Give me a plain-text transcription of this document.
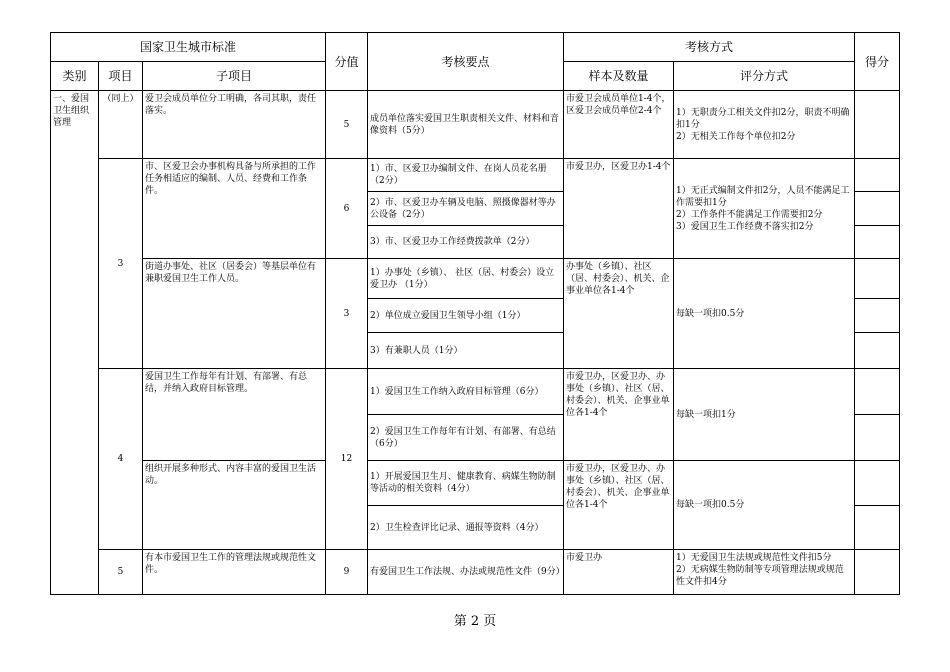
国家卫生城市标准			分值	考核要点	考核方式		得分
类别	项目	子项目			样本及数量	评分方式	
一、爱国卫生组织管理	（同上）	爱卫会成员单位分工明确，各司其职，责任落实。	5	成员单位落实爱国卫生职责相关文件、材料和音像资料（5分）	市爱卫会成员单位1-4个，区爱卫会成员单位2-4个	1）无职责分工相关文件扣2分，职责不明确扣1分
2）无相关工作每个单位扣2分	
	3	市、区爱卫会办事机构具备与所承担的工作任务相适应的编制、人员、经费和工作条件。	6	1）市、区爱卫办编制文件、在岗人员花名册（2分）	市爱卫办，区爱卫办1-4个	1）无正式编制文件扣2分，人员不能满足工作需要扣1分
2）工作条件不能满足工作需要扣2分
3）爱国卫生工作经费不落实扣2分	
				2）市、区爱卫办车辆及电脑、照摄像器材等办公设备（2分）			
				3）市、区爱卫办工作经费拨款单（2分）			
		街道办事处、社区（居委会）等基层单位有兼职爱国卫生工作人员。	3	1）办事处（乡镇）、 社区（居、村委会）设立爱卫办 （1分）	办事处（乡镇）、社区（居、村委会）、机关、企事业单位各1-4个	每缺一项扣0.5分	
				2）单位成立爱国卫生领导小组（1分）			
				3）有兼职人员（1分）			
	4	爱国卫生工作每年有计划、有部署、有总结，并纳入政府目标管理。	12	1）爱国卫生工作纳入政府目标管理（6分）	市爱卫办，区爱卫办、办事处（乡镇）、社区（居、村委会）、机关、企事业单位各1-4个	每缺一项扣1分	
				2）爱国卫生工作每年有计划、有部署、有总结（6分）			
		组织开展多种形式、内容丰富的爱国卫生活动。		1）开展爱国卫生月、健康教育、病媒生物防制等活动的相关资料（4分）	市爱卫办，区爱卫办、办事处（乡镇）、社区（居、村委会）、机关、企事业单位各1-4个	每缺一项扣0.5分	
				2）卫生检查评比记录、通报等资料（4分）			
	5	有本市爱国卫生工作的管理法规或规范性文件。	9	有爱国卫生工作法规、办法或规范性文件（9分）	市爱卫办	1）无爱国卫生法规或规范性文件扣5分
2）无病媒生物防制等专项管理法规或规范性文件扣4分	
第 2 页
